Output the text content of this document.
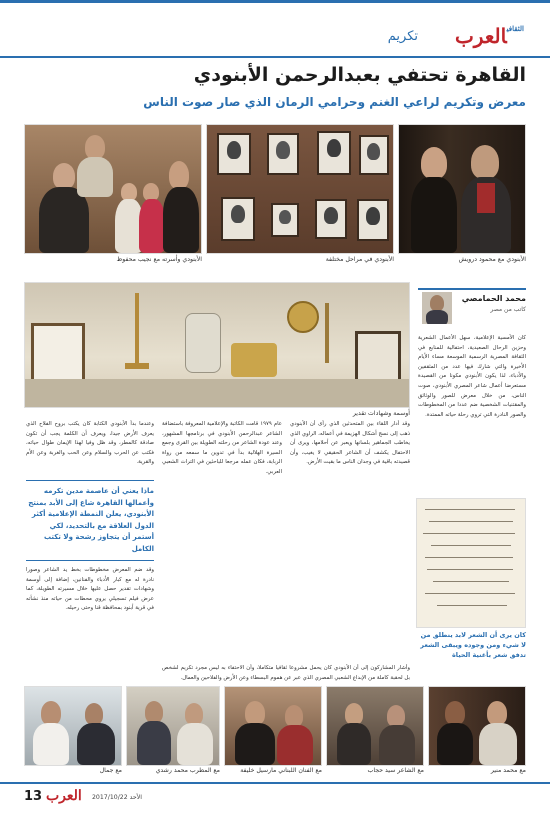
$^{الثقافي}$العرب
تكريم
القاهرة تحتفي بعبدالرحمن الأبنودي
معرض وتكريم لراعي الغنم وحرامي الرمان الذي صار صوت الناس
الأبنودي مع محمود درويش
الأبنودي في مراحل مختلفة
الأبنودي وأسرته مع نجيب محفوظ
محمد الحمامصي
كاتب من مصر
أوسمة وشهادات تقدير

كان الأمسية الإعلامية، سهل الأعمال الشعرية وحزين الرحال الصعيدية، احتفالية للمنابع في الثقافة المصرية الرسمية الموسعة مساء الأيام الأخيرة والتي شارك فيها عدد من المثقفين والأدباء، لذا يكون الأبنودي مكونا من القصيدة مستعرضا أعمال شاعر المصري الأبنودي، صوت الناس، من خلال معرض للصور والوثائق والمقتنيات الشخصية ضم عددا من المخطوطات والصور النادرة التي تروي رحلة حياته الممتدة.

كان يرى أن الشعر لابد ينطلق من لا شيء ومن وجوده ويبقى الشعر تدفق شعر بأغنية الحياة

وقد أدار اللقاء بين المتحدثين الذي رأى أن الأبنودي ذهب إلى نسج أشكال الهزيمة في أعماله، الراوي الذي يخاطب الجماهير بلسانها ويعبر عن أحلامها، ويرى أن الاحتفال يكشف أن الشاعر الحقيقي لا يغيب، وأن قصيدته باقية في وجدان الناس ما بقيت الأرض.

عام ١٩٧٩ قامت الكاتبة والإعلامية المعروفة باستضافة الشاعر عبدالرحمن الأبنودي في برنامجها المشهور، وعند عودة الشاعر من رحلته الطويلة بين القرى وجمع السيرة الهلالية بدأ في تدوين ما سمعه من رواة الربابة، فكان عمله مرجعا للباحثين في التراث الشعبي العربي.

وعندما بدأ الأبنودي الكتابة كان يكتب بروح الفلاح الذي يعرف الأرض جيدا، ويعرف أن الكلمة يجب أن تكون صادقة كالمطر، وقد ظل وفيا لهذا الإيمان طوال حياته، فكتب عن الحرب والسلام وعن الحب والغربة وعن الأم والقرية.

ماذا يعني أن عاصمة مدين تكرمه وأعمالها القاهرة شاع إلى الأبد بمنتج الأبنودي، يعلن النمطة الإعلامية أكثر الدول العلاقة مع بالتحديد، لكي أستمر أن يتجاوز رشحة ولا تكتب الكامل

وقد ضم المعرض مخطوطات بخط يد الشاعر وصورا نادرة له مع كبار الأدباء والفنانين، إضافة إلى أوسمة وشهادات تقدير حصل عليها خلال مسيرته الطويلة، كما عرض فيلم تسجيلي يروي محطات من حياته منذ نشأته في قرية أبنود بمحافظة قنا وحتى رحيله.

وأشار المشاركون إلى أن الأبنودي كان يحمل مشروعا ثقافيا متكاملا، وأن الاحتفاء به ليس مجرد تكريم لشخص بل لحقبة كاملة من الإبداع الشعبي المصري الذي عبر عن هموم البسطاء وعن الأرض والفلاحين والعمال.

مع محمد منير
مع الشاعر سيد حجاب
مع الفنان اللبناني مارسيل خليفة
مع المطرب محمد رشدي
مع جمال
13 العرب الأحد 2017/10/22
